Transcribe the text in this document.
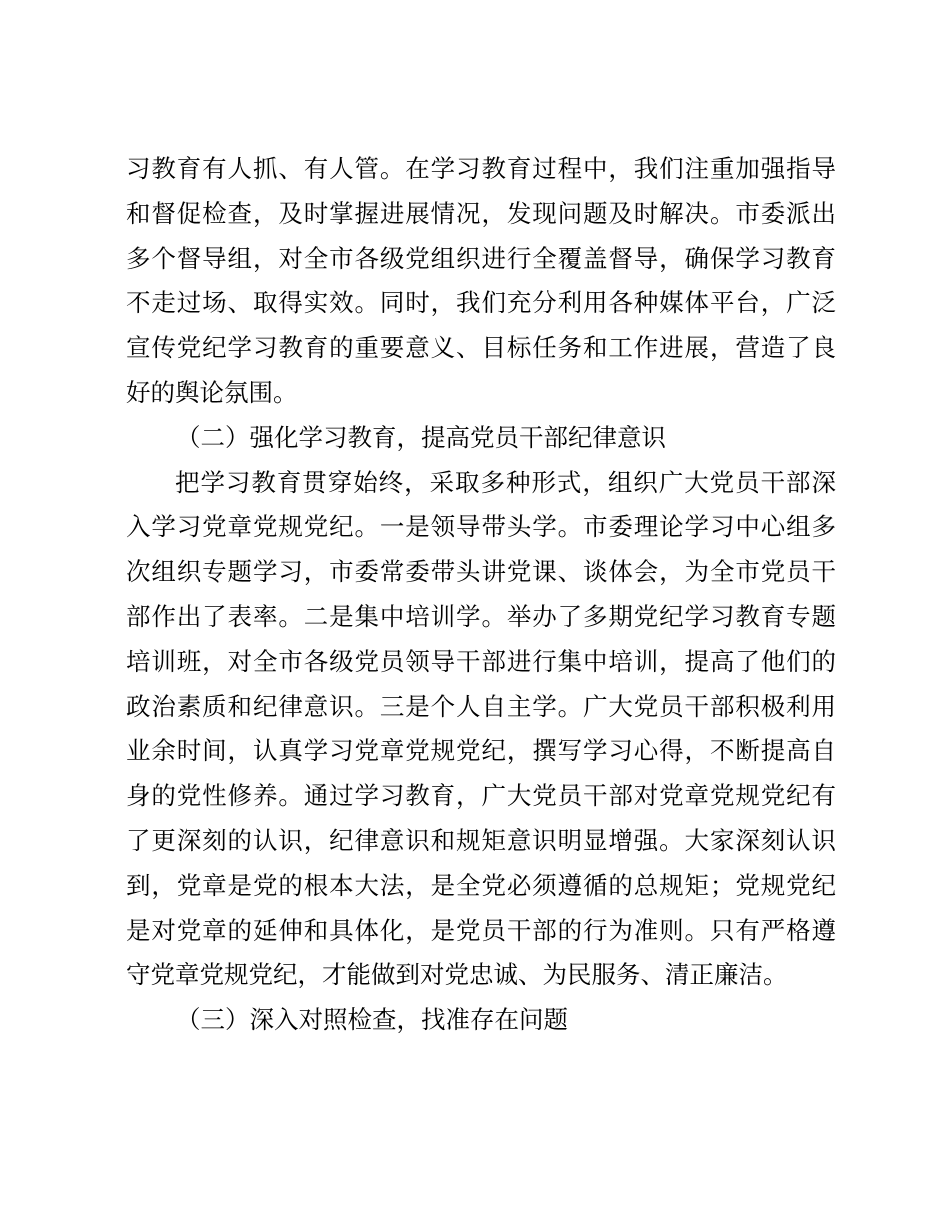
习教育有人抓、有人管。在学习教育过程中，我们注重加强指导
和督促检查，及时掌握进展情况，发现问题及时解决。市委派出
多个督导组，对全市各级党组织进行全覆盖督导，确保学习教育
不走过场、取得实效。同时，我们充分利用各种媒体平台，广泛
宣传党纪学习教育的重要意义、目标任务和工作进展，营造了良
好的舆论氛围。
（二）强化学习教育，提高党员干部纪律意识
把学习教育贯穿始终，采取多种形式，组织广大党员干部深
入学习党章党规党纪。一是领导带头学。市委理论学习中心组多
次组织专题学习，市委常委带头讲党课、谈体会，为全市党员干
部作出了表率。二是集中培训学。举办了多期党纪学习教育专题
培训班，对全市各级党员领导干部进行集中培训，提高了他们的
政治素质和纪律意识。三是个人自主学。广大党员干部积极利用
业余时间，认真学习党章党规党纪，撰写学习心得，不断提高自
身的党性修养。通过学习教育，广大党员干部对党章党规党纪有
了更深刻的认识，纪律意识和规矩意识明显增强。大家深刻认识
到，党章是党的根本大法，是全党必须遵循的总规矩；党规党纪
是对党章的延伸和具体化，是党员干部的行为准则。只有严格遵
守党章党规党纪，才能做到对党忠诚、为民服务、清正廉洁。
（三）深入对照检查，找准存在问题
